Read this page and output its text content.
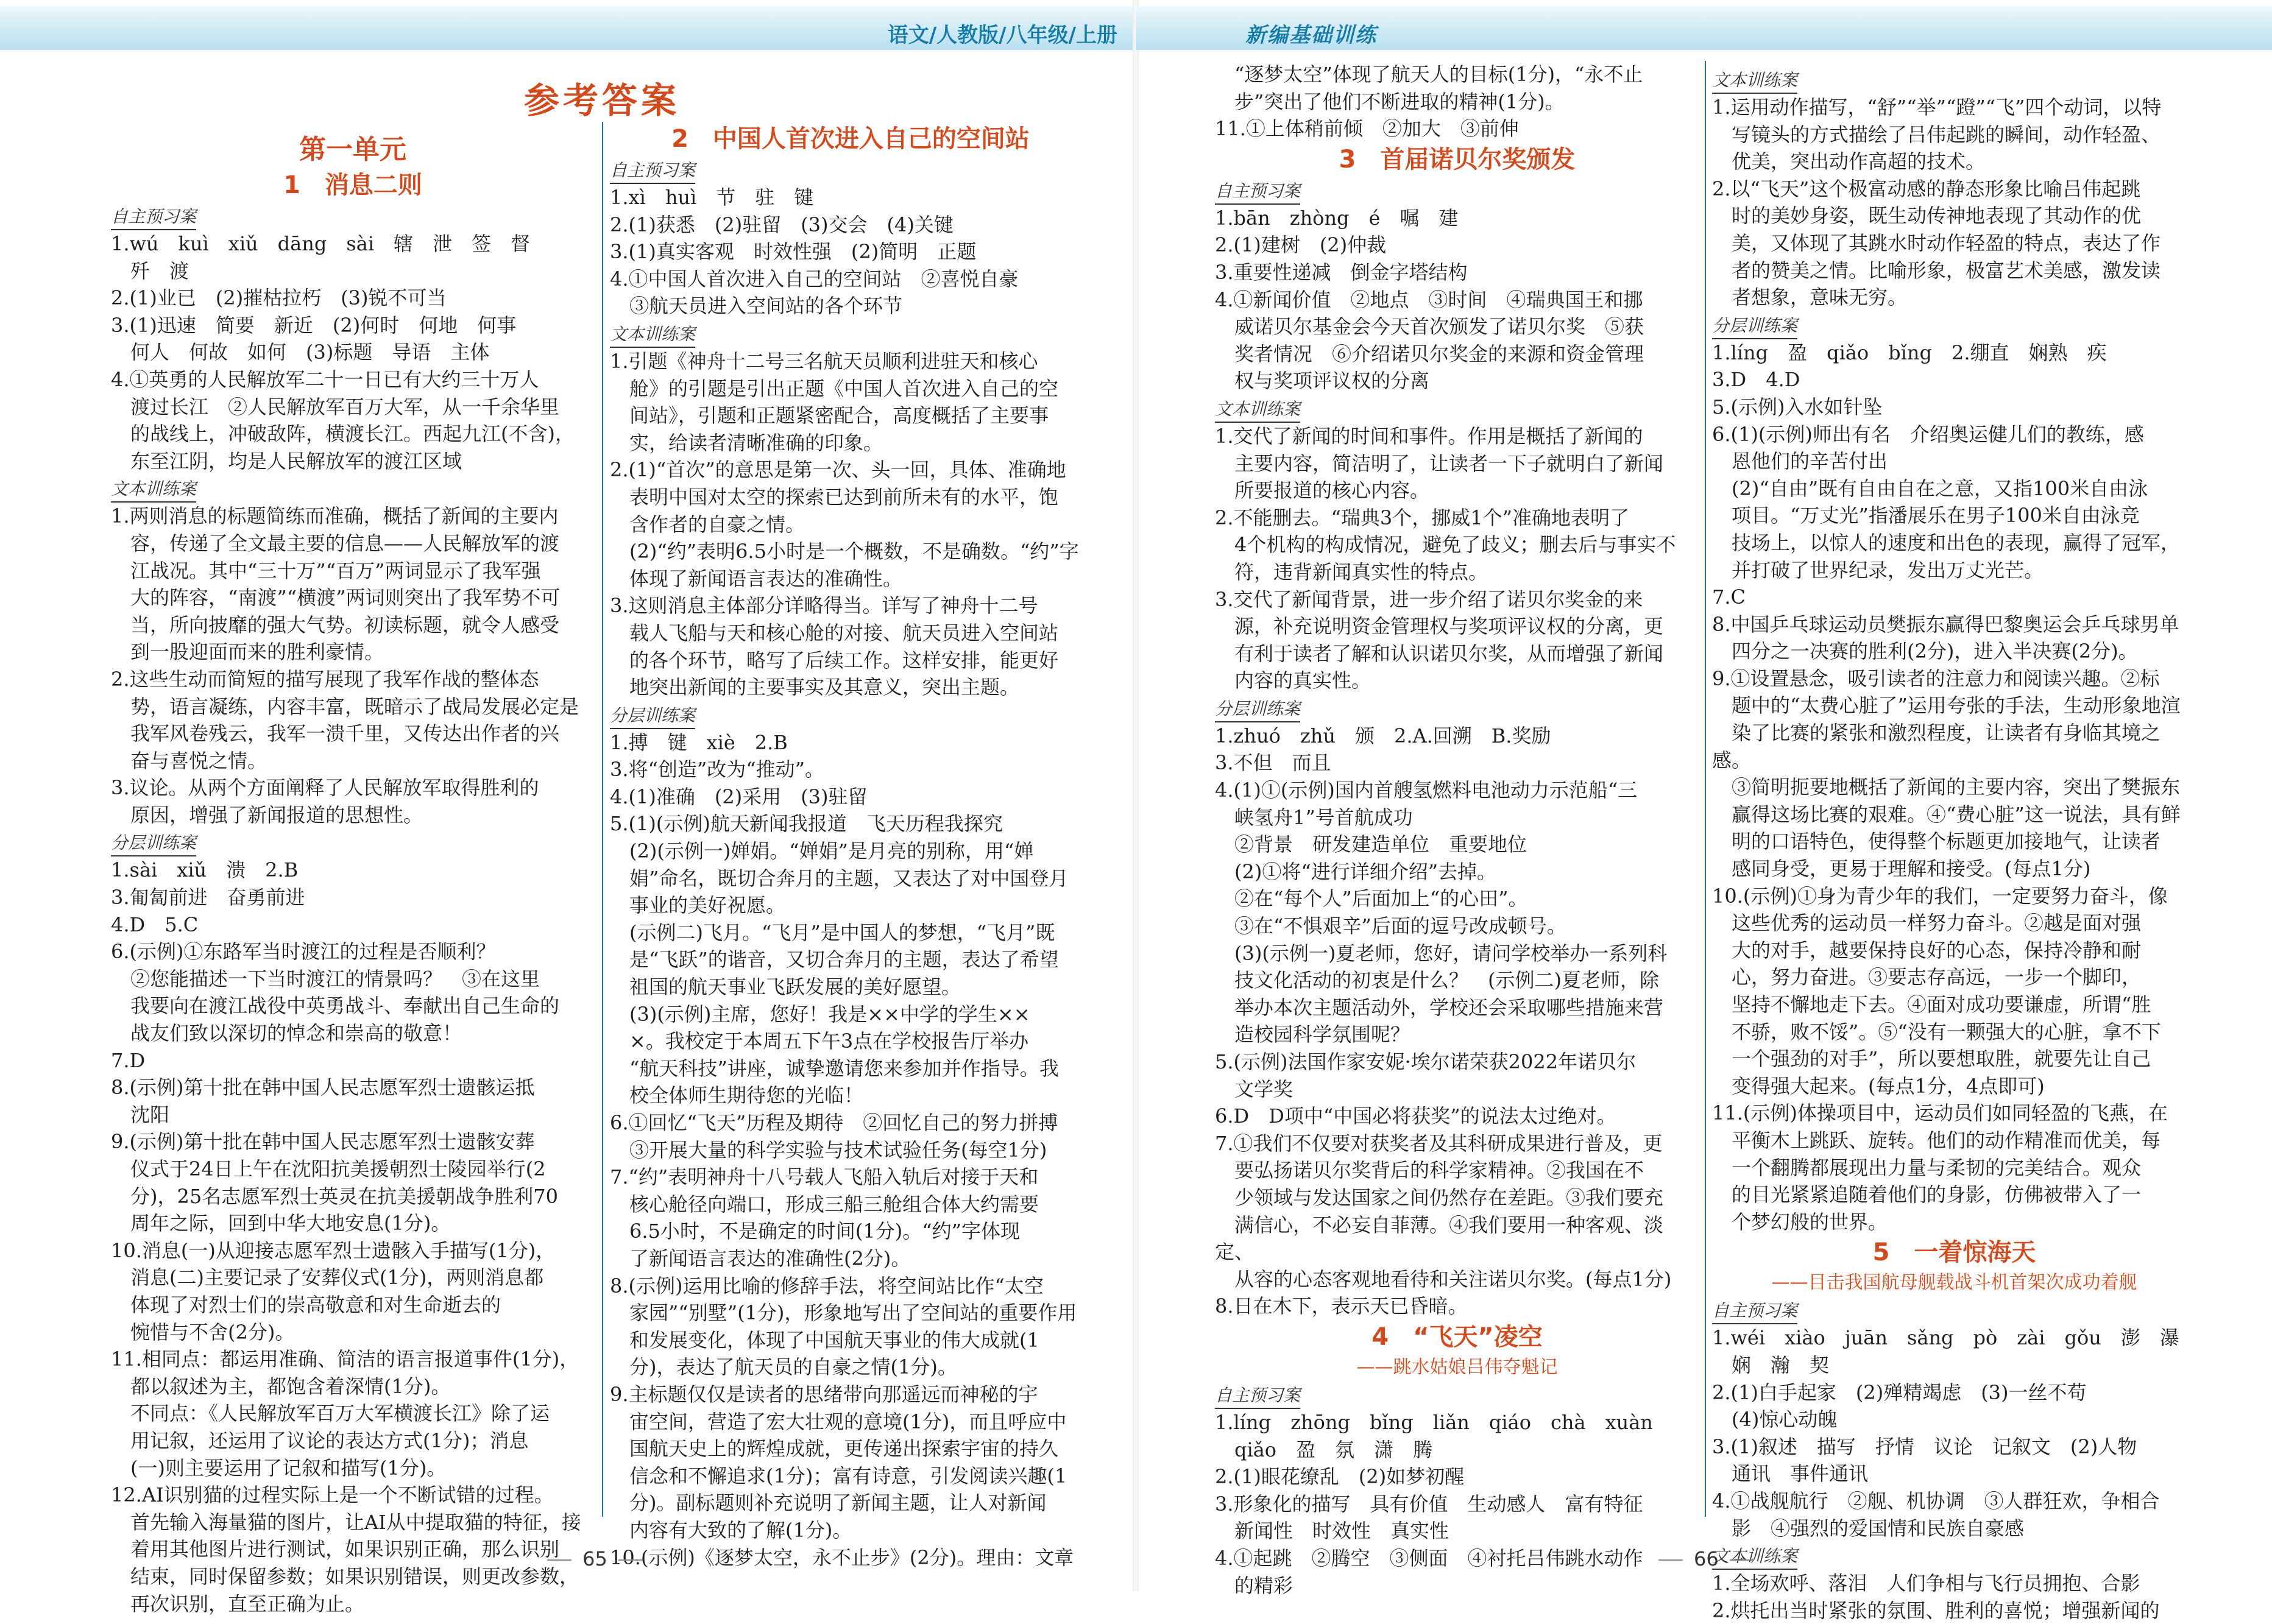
语文/人教版/八年级/上册
参考答案
第一单元
1　消息二则
自主预习案
1.wú　kuì　xiǔ　dāng　sài　辖　泄　签　督
　歼　渡
2.(1)业已　(2)摧枯拉朽　(3)锐不可当
3.(1)迅速　简要　新近　(2)何时　何地　何事
　何人　何故　如何　(3)标题　导语　主体
4.①英勇的人民解放军二十一日已有大约三十万人
　渡过长江　②人民解放军百万大军，从一千余华里
　的战线上，冲破敌阵，横渡长江。西起九江(不含)，
　东至江阴，均是人民解放军的渡江区域
文本训练案
1.两则消息的标题简练而准确，概括了新闻的主要内
　容，传递了全文最主要的信息——人民解放军的渡
　江战况。其中“三十万”“百万”两词显示了我军强
　大的阵容，“南渡”“横渡”两词则突出了我军势不可
　当，所向披靡的强大气势。初读标题，就令人感受
　到一股迎面而来的胜利豪情。
2.这些生动而简短的描写展现了我军作战的整体态
　势，语言凝练，内容丰富，既暗示了战局发展必定是
　我军风卷残云，我军一溃千里，又传达出作者的兴
　奋与喜悦之情。
3.议论。从两个方面阐释了人民解放军取得胜利的
　原因，增强了新闻报道的思想性。
分层训练案
1.sài　xiǔ　溃　2.B
3.匍匐前进　奋勇前进
4.D　5.C
6.(示例)①东路军当时渡江的过程是否顺利？
　②您能描述一下当时渡江的情景吗？　③在这里
　我要向在渡江战役中英勇战斗、奉献出自己生命的
　战友们致以深切的悼念和崇高的敬意！
7.D
8.(示例)第十批在韩中国人民志愿军烈士遗骸运抵
　沈阳
9.(示例)第十批在韩中国人民志愿军烈士遗骸安葬
　仪式于24日上午在沈阳抗美援朝烈士陵园举行(2
　分)，25名志愿军烈士英灵在抗美援朝战争胜利70
　周年之际，回到中华大地安息(1分)。
10.消息(一)从迎接志愿军烈士遗骸入手描写(1分)，
　消息(二)主要记录了安葬仪式(1分)，两则消息都
　体现了对烈士们的崇高敬意和对生命逝去的
　惋惜与不舍(2分)。
11.相同点：都运用准确、简洁的语言报道事件(1分)，
　都以叙述为主，都饱含着深情(1分)。
　不同点：《人民解放军百万大军横渡长江》除了运
　用记叙，还运用了议论的表达方式(1分)；消息
　(一)则主要运用了记叙和描写(1分)。
12.AI识别猫的过程实际上是一个不断试错的过程。
　首先输入海量猫的图片，让AI从中提取猫的特征，接
　着用其他图片进行测试，如果识别正确，那么识别
　结束，同时保留参数；如果识别错误，则更改参数，
　再次识别，直至正确为止。
2　中国人首次进入自己的空间站
自主预习案
1.xì　huì　节　驻　键
2.(1)获悉　(2)驻留　(3)交会　(4)关键
3.(1)真实客观　时效性强　(2)简明　正题
4.①中国人首次进入自己的空间站　②喜悦自豪
　③航天员进入空间站的各个环节
文本训练案
1.引题《神舟十二号三名航天员顺利进驻天和核心
　舱》的引题是引出正题《中国人首次进入自己的空
　间站》，引题和正题紧密配合，高度概括了主要事
　实，给读者清晰准确的印象。
2.(1)“首次”的意思是第一次、头一回，具体、准确地
　表明中国对太空的探索已达到前所未有的水平，饱
　含作者的自豪之情。
　(2)“约”表明6.5小时是一个概数，不是确数。“约”字
　体现了新闻语言表达的准确性。
3.这则消息主体部分详略得当。详写了神舟十二号
　载人飞船与天和核心舱的对接、航天员进入空间站
　的各个环节，略写了后续工作。这样安排，能更好
　地突出新闻的主要事实及其意义，突出主题。
分层训练案
1.搏　键　xiè　2.B
3.将“创造”改为“推动”。
4.(1)准确　(2)采用　(3)驻留
5.(1)(示例)航天新闻我报道　飞天历程我探究
　(2)(示例一)婵娟。“婵娟”是月亮的别称，用“婵
　娟”命名，既切合奔月的主题，又表达了对中国登月
　事业的美好祝愿。
　(示例二)飞月。“飞月”是中国人的梦想，“飞月”既
　是“飞跃”的谐音，又切合奔月的主题，表达了希望
　祖国的航天事业飞跃发展的美好愿望。
　(3)(示例)主席，您好！我是××中学的学生××
　×。我校定于本周五下午3点在学校报告厅举办
　“航天科技”讲座，诚挚邀请您来参加并作指导。我
　校全体师生期待您的光临！
6.①回忆“飞天”历程及期待　②回忆自己的努力拼搏
　③开展大量的科学实验与技术试验任务(每空1分)
7.“约”表明神舟十八号载人飞船入轨后对接于天和
　核心舱径向端口，形成三船三舱组合体大约需要
　6.5小时，不是确定的时间(1分)。“约”字体现
　了新闻语言表达的准确性(2分)。
8.(示例)运用比喻的修辞手法，将空间站比作“太空
　家园”“别墅”(1分)，形象地写出了空间站的重要作用
　和发展变化，体现了中国航天事业的伟大成就(1
　分)，表达了航天员的自豪之情(1分)。
9.主标题仅仅是读者的思绪带向那遥远而神秘的宇
　宙空间，营造了宏大壮观的意境(1分)，而且呼应中
　国航天史上的辉煌成就，更传递出探索宇宙的持久
　信念和不懈追求(1分)；富有诗意，引发阅读兴趣(1
　分)。副标题则补充说明了新闻主题，让人对新闻
　内容有大致的了解(1分)。
10.(示例)《逐梦太空，永不止步》(2分)。理由：文章
65
新编基础训练
　“逐梦太空”体现了航天人的目标(1分)，“永不止
　步”突出了他们不断进取的精神(1分)。
11.①上体稍前倾　②加大　③前伸
3　首届诺贝尔奖颁发
自主预习案
1.bān　zhòng　é　嘱　建
2.(1)建树　(2)仲裁
3.重要性递减　倒金字塔结构
4.①新闻价值　②地点　③时间　④瑞典国王和挪
　威诺贝尔基金会今天首次颁发了诺贝尔奖　⑤获
　奖者情况　⑥介绍诺贝尔奖金的来源和资金管理
　权与奖项评议权的分离
文本训练案
1.交代了新闻的时间和事件。作用是概括了新闻的
　主要内容，简洁明了，让读者一下子就明白了新闻
　所要报道的核心内容。
2.不能删去。“瑞典3个，挪威1个”准确地表明了
　4个机构的构成情况，避免了歧义；删去后与事实不
　符，违背新闻真实性的特点。
3.交代了新闻背景，进一步介绍了诺贝尔奖金的来
　源，补充说明资金管理权与奖项评议权的分离，更
　有利于读者了解和认识诺贝尔奖，从而增强了新闻
　内容的真实性。
分层训练案
1.zhuó　zhǔ　颁　2.A.回溯　B.奖励
3.不但　而且
4.(1)①(示例)国内首艘氢燃料电池动力示范船“三
　峡氢舟1”号首航成功
　②背景　研发建造单位　重要地位
　(2)①将“进行详细介绍”去掉。
　②在“每个人”后面加上“的心田”。
　③在“不惧艰辛”后面的逗号改成顿号。
　(3)(示例一)夏老师，您好，请问学校举办一系列科
　技文化活动的初衷是什么？　(示例二)夏老师，除
　举办本次主题活动外，学校还会采取哪些措施来营
　造校园科学氛围呢？
5.(示例)法国作家安妮·埃尔诺荣获2022年诺贝尔
　文学奖
6.D　D项中“中国必将获奖”的说法太过绝对。
7.①我们不仅要对获奖者及其科研成果进行普及，更
　要弘扬诺贝尔奖背后的科学家精神。②我国在不
　少领域与发达国家之间仍然存在差距。③我们要充
　满信心，不必妄自菲薄。④我们要用一种客观、淡定、
　从容的心态客观地看待和关注诺贝尔奖。(每点1分)
8.日在木下，表示天已昏暗。
4　“飞天”凌空
——跳水姑娘吕伟夺魁记
自主预习案
1.líng　zhōng　bǐng　liǎn　qiáo　chà　xuàn
　qiǎo　盈　氛　潇　腾
2.(1)眼花缭乱　(2)如梦初醒
3.形象化的描写　具有价值　生动感人　富有特征
　新闻性　时效性　真实性
4.①起跳　②腾空　③侧面　④衬托吕伟跳水动作
　的精彩
文本训练案
1.运用动作描写，“舒”“举”“蹬”“飞”四个动词，以特
　写镜头的方式描绘了吕伟起跳的瞬间，动作轻盈、
　优美，突出动作高超的技术。
2.以“飞天”这个极富动感的静态形象比喻吕伟起跳
　时的美妙身姿，既生动传神地表现了其动作的优
　美，又体现了其跳水时动作轻盈的特点，表达了作
　者的赞美之情。比喻形象，极富艺术美感，激发读
　者想象，意味无穷。
分层训练案
1.líng　盈　qiǎo　bǐng　2.绷直　娴熟　疾
3.D　4.D
5.(示例)入水如针坠
6.(1)(示例)师出有名　介绍奥运健儿们的教练，感
　恩他们的辛苦付出
　(2)“自由”既有自由自在之意，又指100米自由泳
　项目。“万丈光”指潘展乐在男子100米自由泳竞
　技场上，以惊人的速度和出色的表现，赢得了冠军，
　并打破了世界纪录，发出万丈光芒。
7.C
8.中国乒乓球运动员樊振东赢得巴黎奥运会乒乓球男单
　四分之一决赛的胜利(2分)，进入半决赛(2分)。
9.①设置悬念，吸引读者的注意力和阅读兴趣。②标
　题中的“太费心脏了”运用夸张的手法，生动形象地渲
　染了比赛的紧张和激烈程度，让读者有身临其境之感。
　③简明扼要地概括了新闻的主要内容，突出了樊振东
　赢得这场比赛的艰难。④“费心脏”这一说法，具有鲜
　明的口语特色，使得整个标题更加接地气，让读者
　感同身受，更易于理解和接受。(每点1分)
10.(示例)①身为青少年的我们，一定要努力奋斗，像
　这些优秀的运动员一样努力奋斗。②越是面对强
　大的对手，越要保持良好的心态，保持冷静和耐
　心，努力奋进。③要志存高远，一步一个脚印，
　坚持不懈地走下去。④面对成功要谦虚，所谓“胜
　不骄，败不馁”。⑤“没有一颗强大的心脏，拿不下
　一个强劲的对手”，所以要想取胜，就要先让自己
　变得强大起来。(每点1分，4点即可)
11.(示例)体操项目中，运动员们如同轻盈的飞燕，在
　平衡木上跳跃、旋转。他们的动作精准而优美，每
　一个翻腾都展现出力量与柔韧的完美结合。观众
　的目光紧紧追随着他们的身影，仿佛被带入了一
　个梦幻般的世界。
5　一着惊海天
——目击我国航母舰载战斗机首架次成功着舰
自主预习案
1.wéi　xiào　juān　sǎng　pò　zài　gǒu　澎　瀑
　娴　瀚　契
2.(1)白手起家　(2)殚精竭虑　(3)一丝不苟
　(4)惊心动魄
3.(1)叙述　描写　抒情　议论　记叙文　(2)人物
　通讯　事件通讯
4.①战舰航行　②舰、机协调　③人群狂欢，争相合
　影　④强烈的爱国情和民族自豪感
文本训练案
1.全场欢呼、落泪　人们争相与飞行员拥抱、合影
2.烘托出当时紧张的氛围、胜利的喜悦；增强新闻的
66
